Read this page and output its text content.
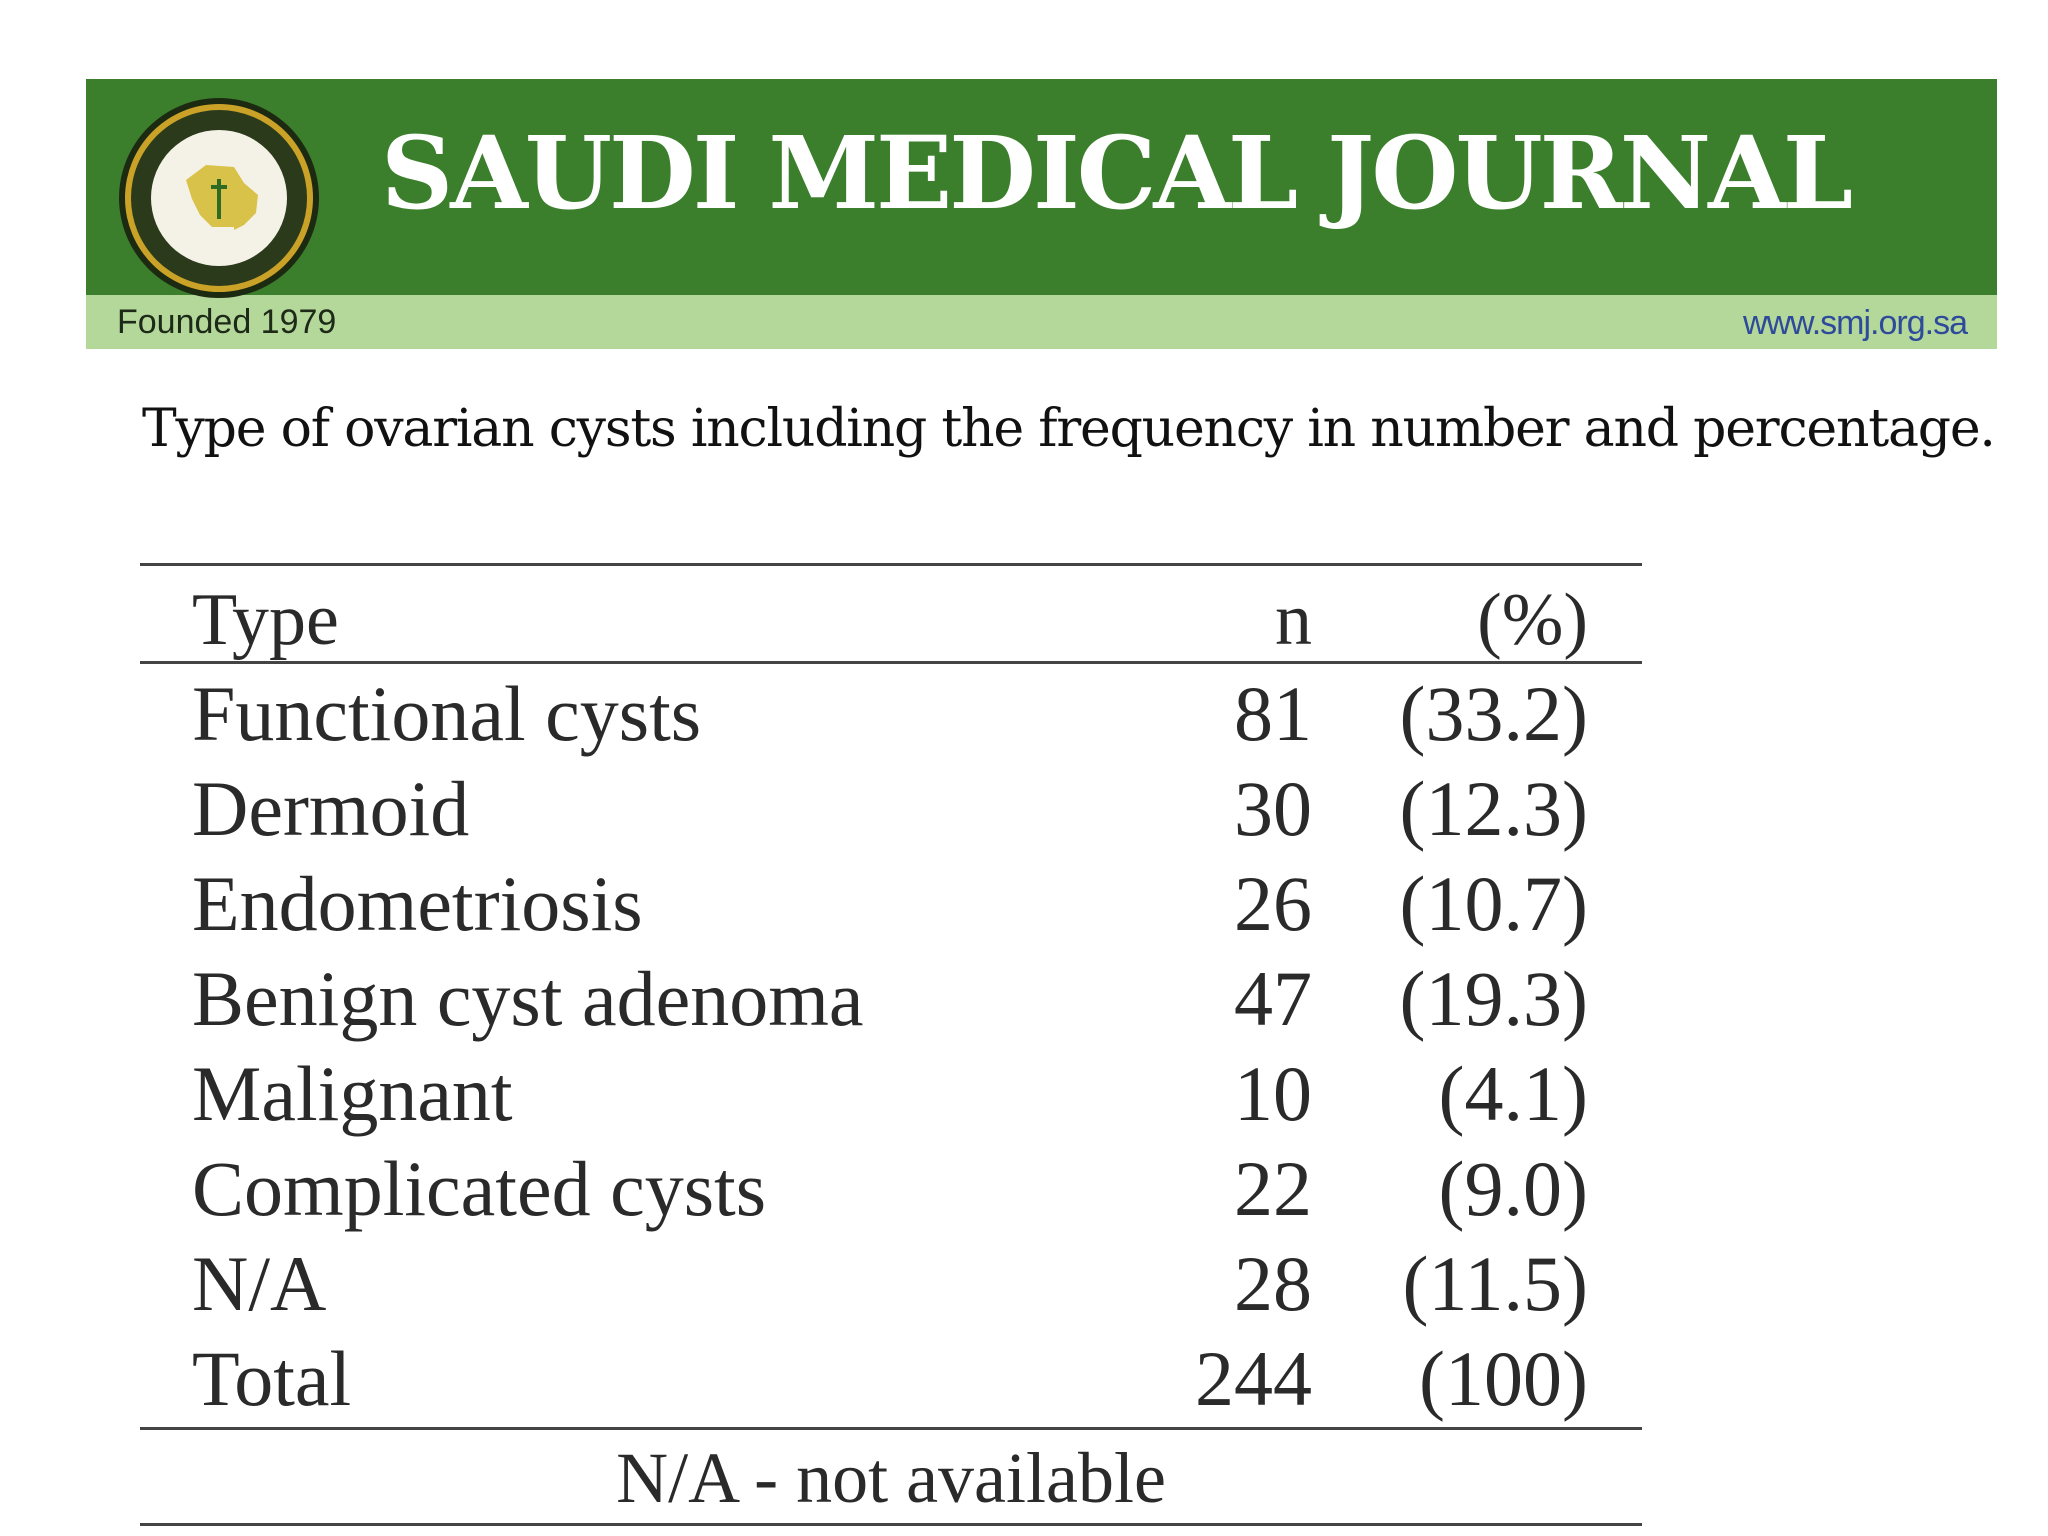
SAUDI MEDICAL JOURNAL
Founded 1979	www.smj.org.sa
Type of ovarian cysts including the frequency in number and percentage.
Type	n (%)
Functional cysts	81 (33.2)
Dermoid	30 (12.3)
Endometriosis	26 (10.7)
Benign cyst adenoma	47 (19.3)
Malignant	10 (4.1)
Complicated cysts	22 (9.0)
N/A	28 (11.5)
Total	244 (100)
N/A - not available
